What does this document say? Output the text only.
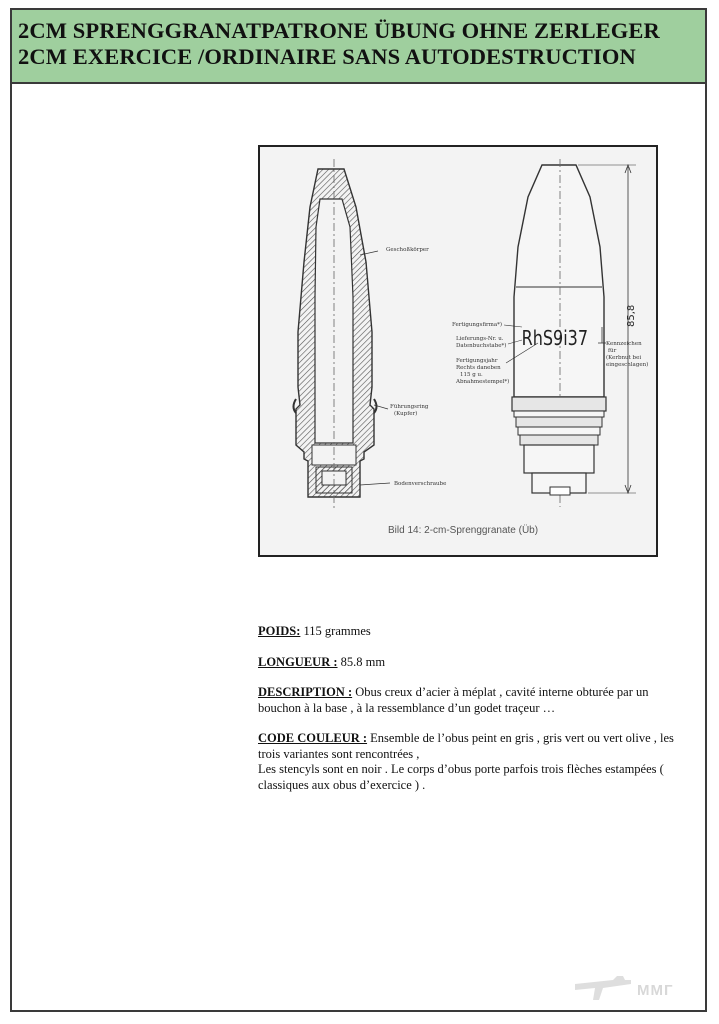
2CM SPRENGGRANATPATRONE ÜBUNG OHNE ZERLEGER
2CM EXERCICE /ORDINAIRE SANS AUTODESTRUCTION
Geschoßkörper
Führungsring
(Kupfer)
Bodenverschraube
RhS9i37
85,8
Fertigungsfirma*)
Lieferungs-Nr. u.
Datenbuchstabe*)
Fertigungsjahr
Rechts daneben
115 g u.
Abnahmestempel*)
Kennzeichen
für
(Kerbnut bei
eingeschlagen)
Bild 14: 2-cm-Sprenggranate (Üb)
POIDS: 115 grammes
LONGUEUR : 85.8 mm
DESCRIPTION : Obus creux d’acier à méplat , cavité interne obturée par un bouchon à la base , à la ressemblance d’un godet traçeur …
CODE COULEUR : Ensemble de l’obus peint en gris , gris vert ou vert olive , les trois variantes sont rencontrées ,
Les stencyls sont en noir . Le corps d’obus porte parfois trois flèches estampées ( classiques aux obus d’exercice ) .
ММГ
